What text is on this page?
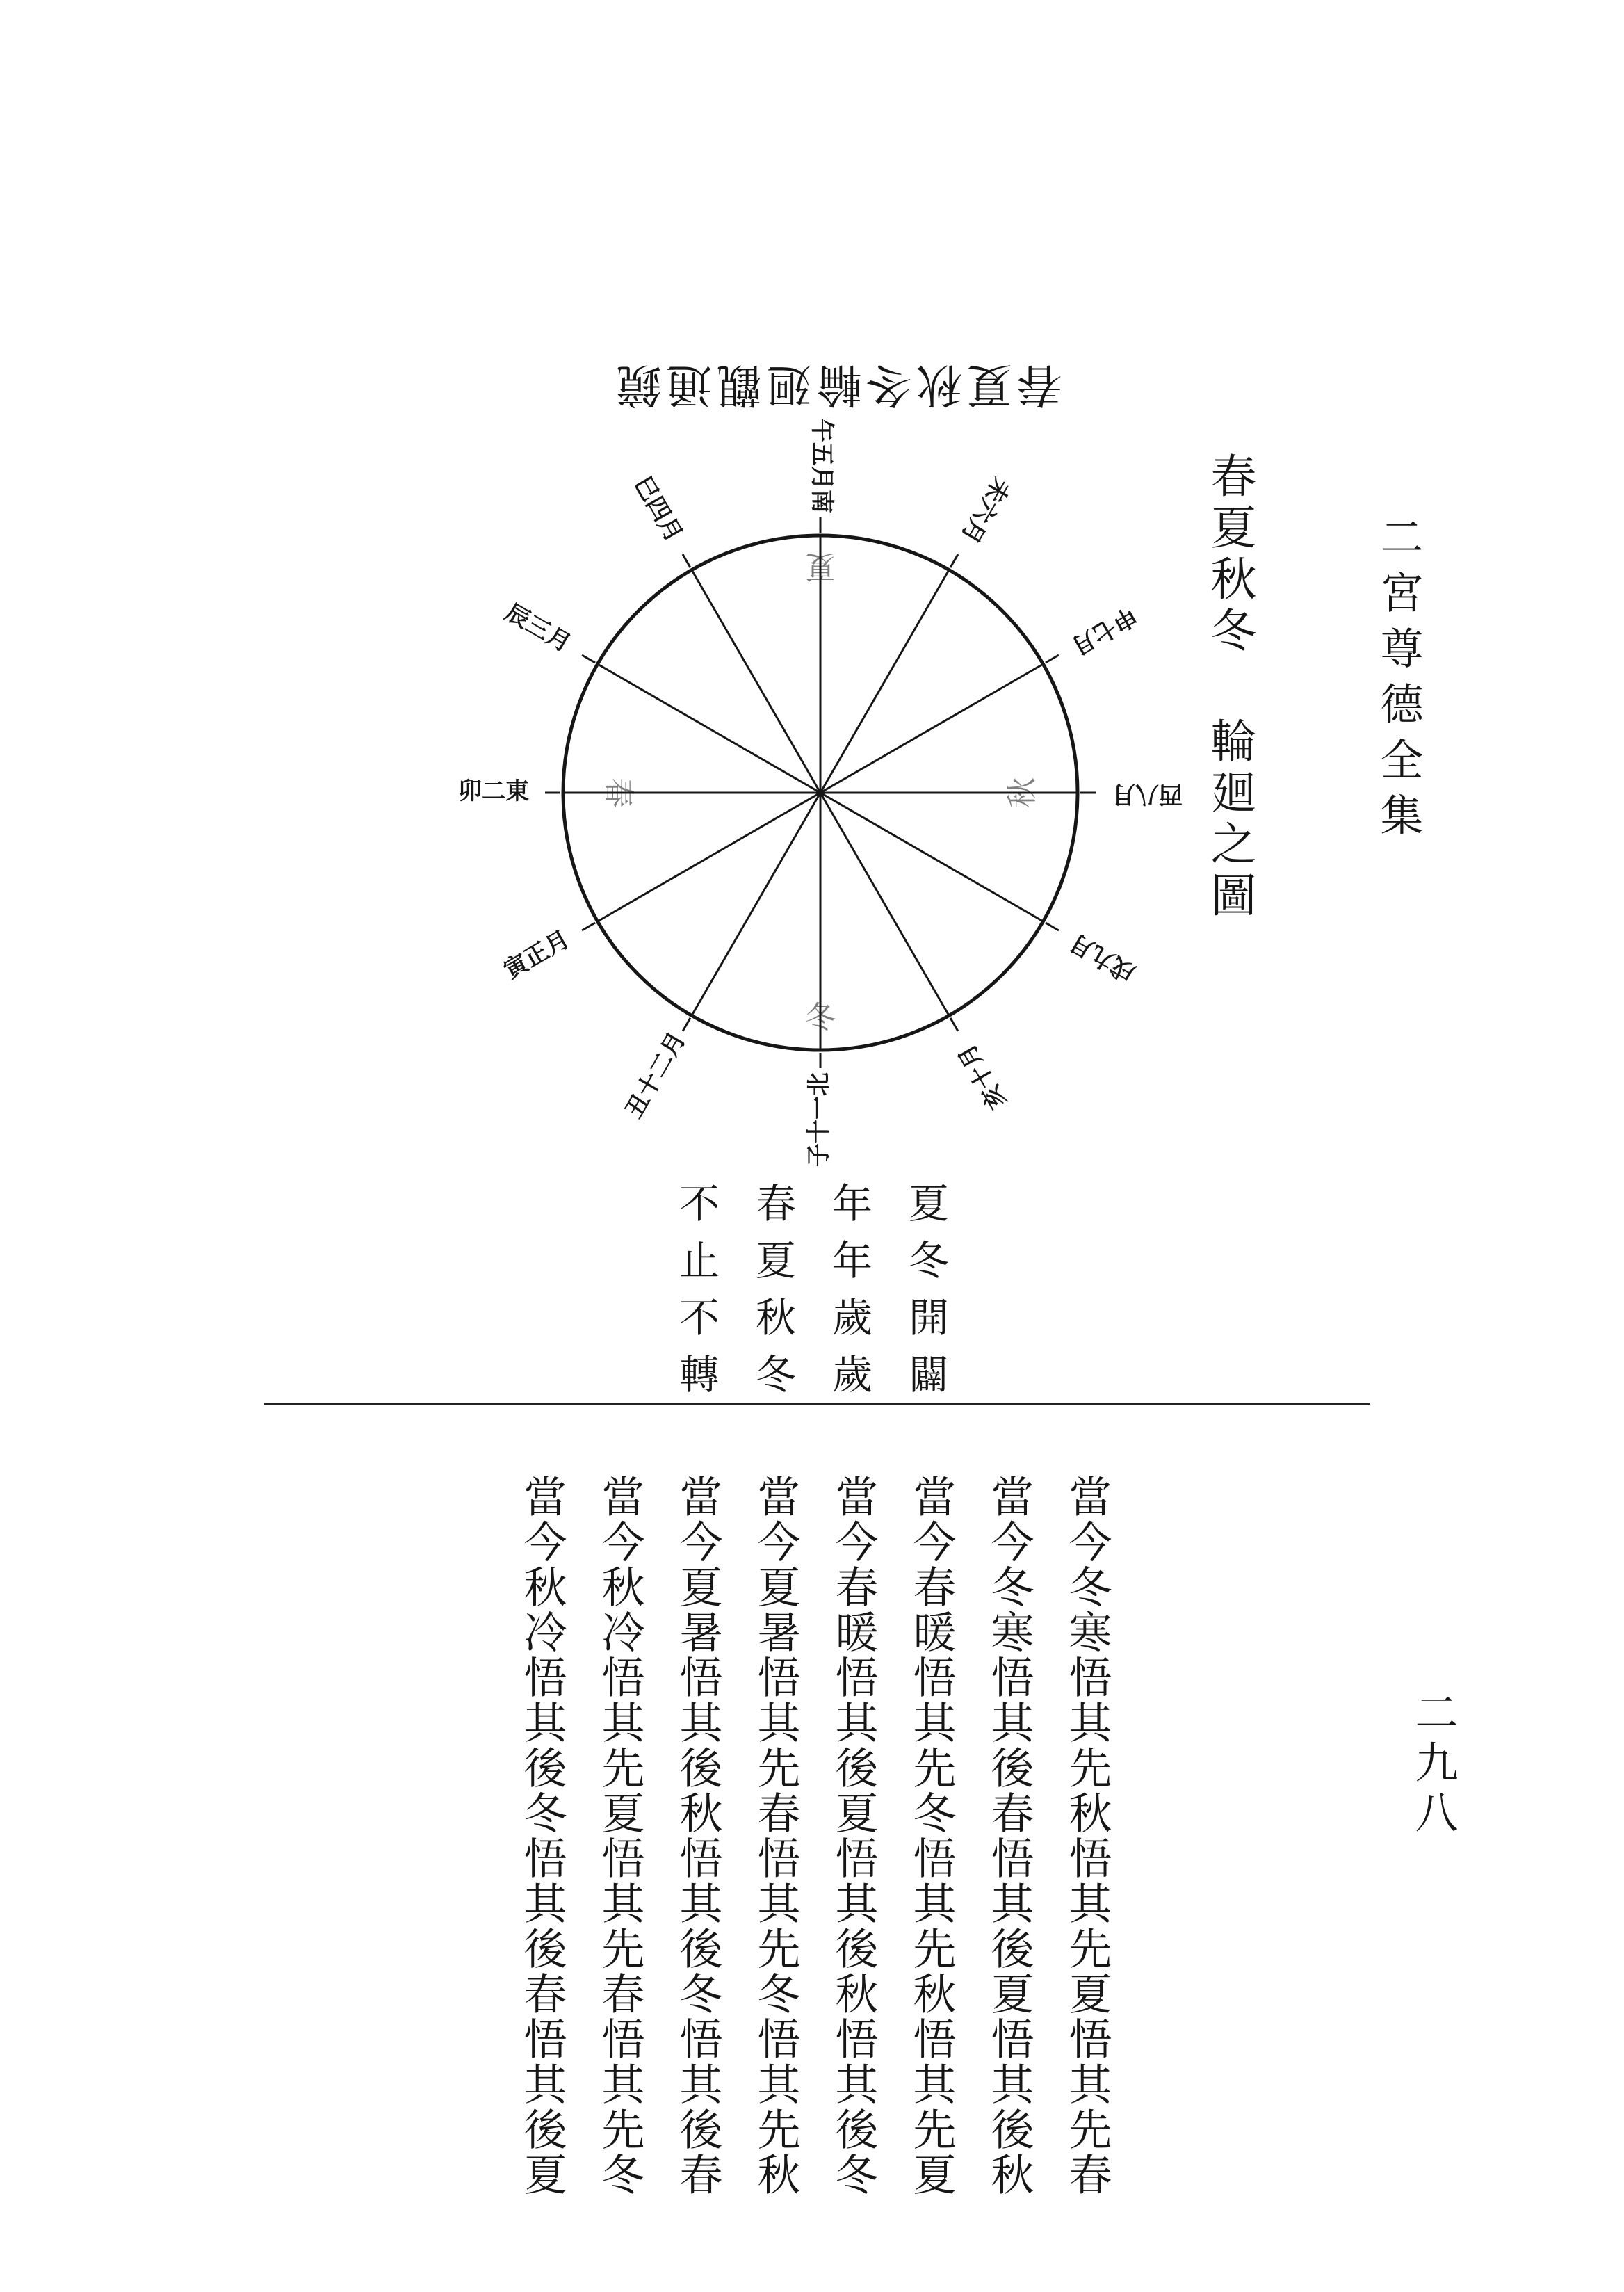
二宮尊德全集
二九八
春夏秋冬輪廻觀通鏡
春夏秋冬 輪廻之圖
夏
冬
春	秋
午五月南	未六月
申七月
西八月
戌九月
亥十月
子十一北
丑十二月
寅正月
卯二東
辰三月
巳四月
夏冬開闢
年年歲歲
春夏秋冬
不止不轉
當今冬寒悟其先秋悟其先夏悟其先春
當今冬寒悟其後春悟其後夏悟其後秋
當今春暖悟其先冬悟其先秋悟其先夏
當今春暖悟其後夏悟其後秋悟其後冬
當今夏暑悟其先春悟其先冬悟其先秋
當今夏暑悟其後秋悟其後冬悟其後春
當今秋冷悟其先夏悟其先春悟其先冬
當今秋冷悟其後冬悟其後春悟其後夏
